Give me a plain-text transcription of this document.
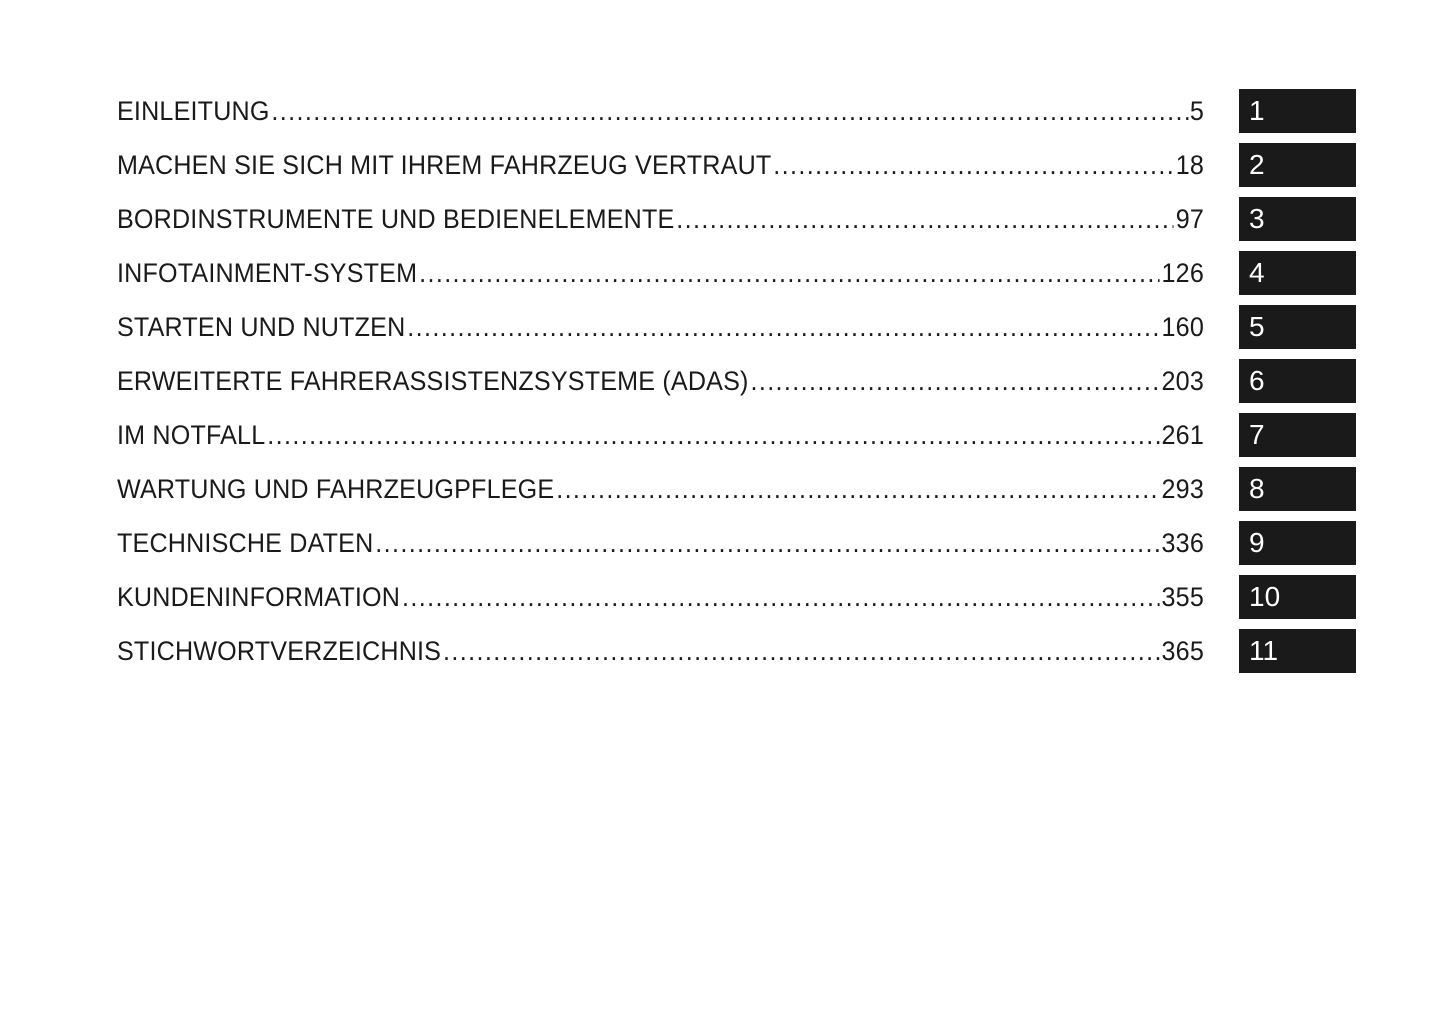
EINLEITUNG .....	5	1
MACHEN SIE SICH MIT IHREM FAHRZEUG VERTRAUT .....	18	2
BORDINSTRUMENTE UND BEDIENELEMENTE .....	97	3
INFOTAINMENT-SYSTEM .....	126	4
STARTEN UND NUTZEN .....	160	5
ERWEITERTE FAHRERASSISTENZSYSTEME (ADAS) .....	203	6
IM NOTFALL .....	261	7
WARTUNG UND FAHRZEUGPFLEGE .....	293	8
TECHNISCHE DATEN .....	336	9
KUNDENINFORMATION .....	355	10
STICHWORTVERZEICHNIS .....	365	11
